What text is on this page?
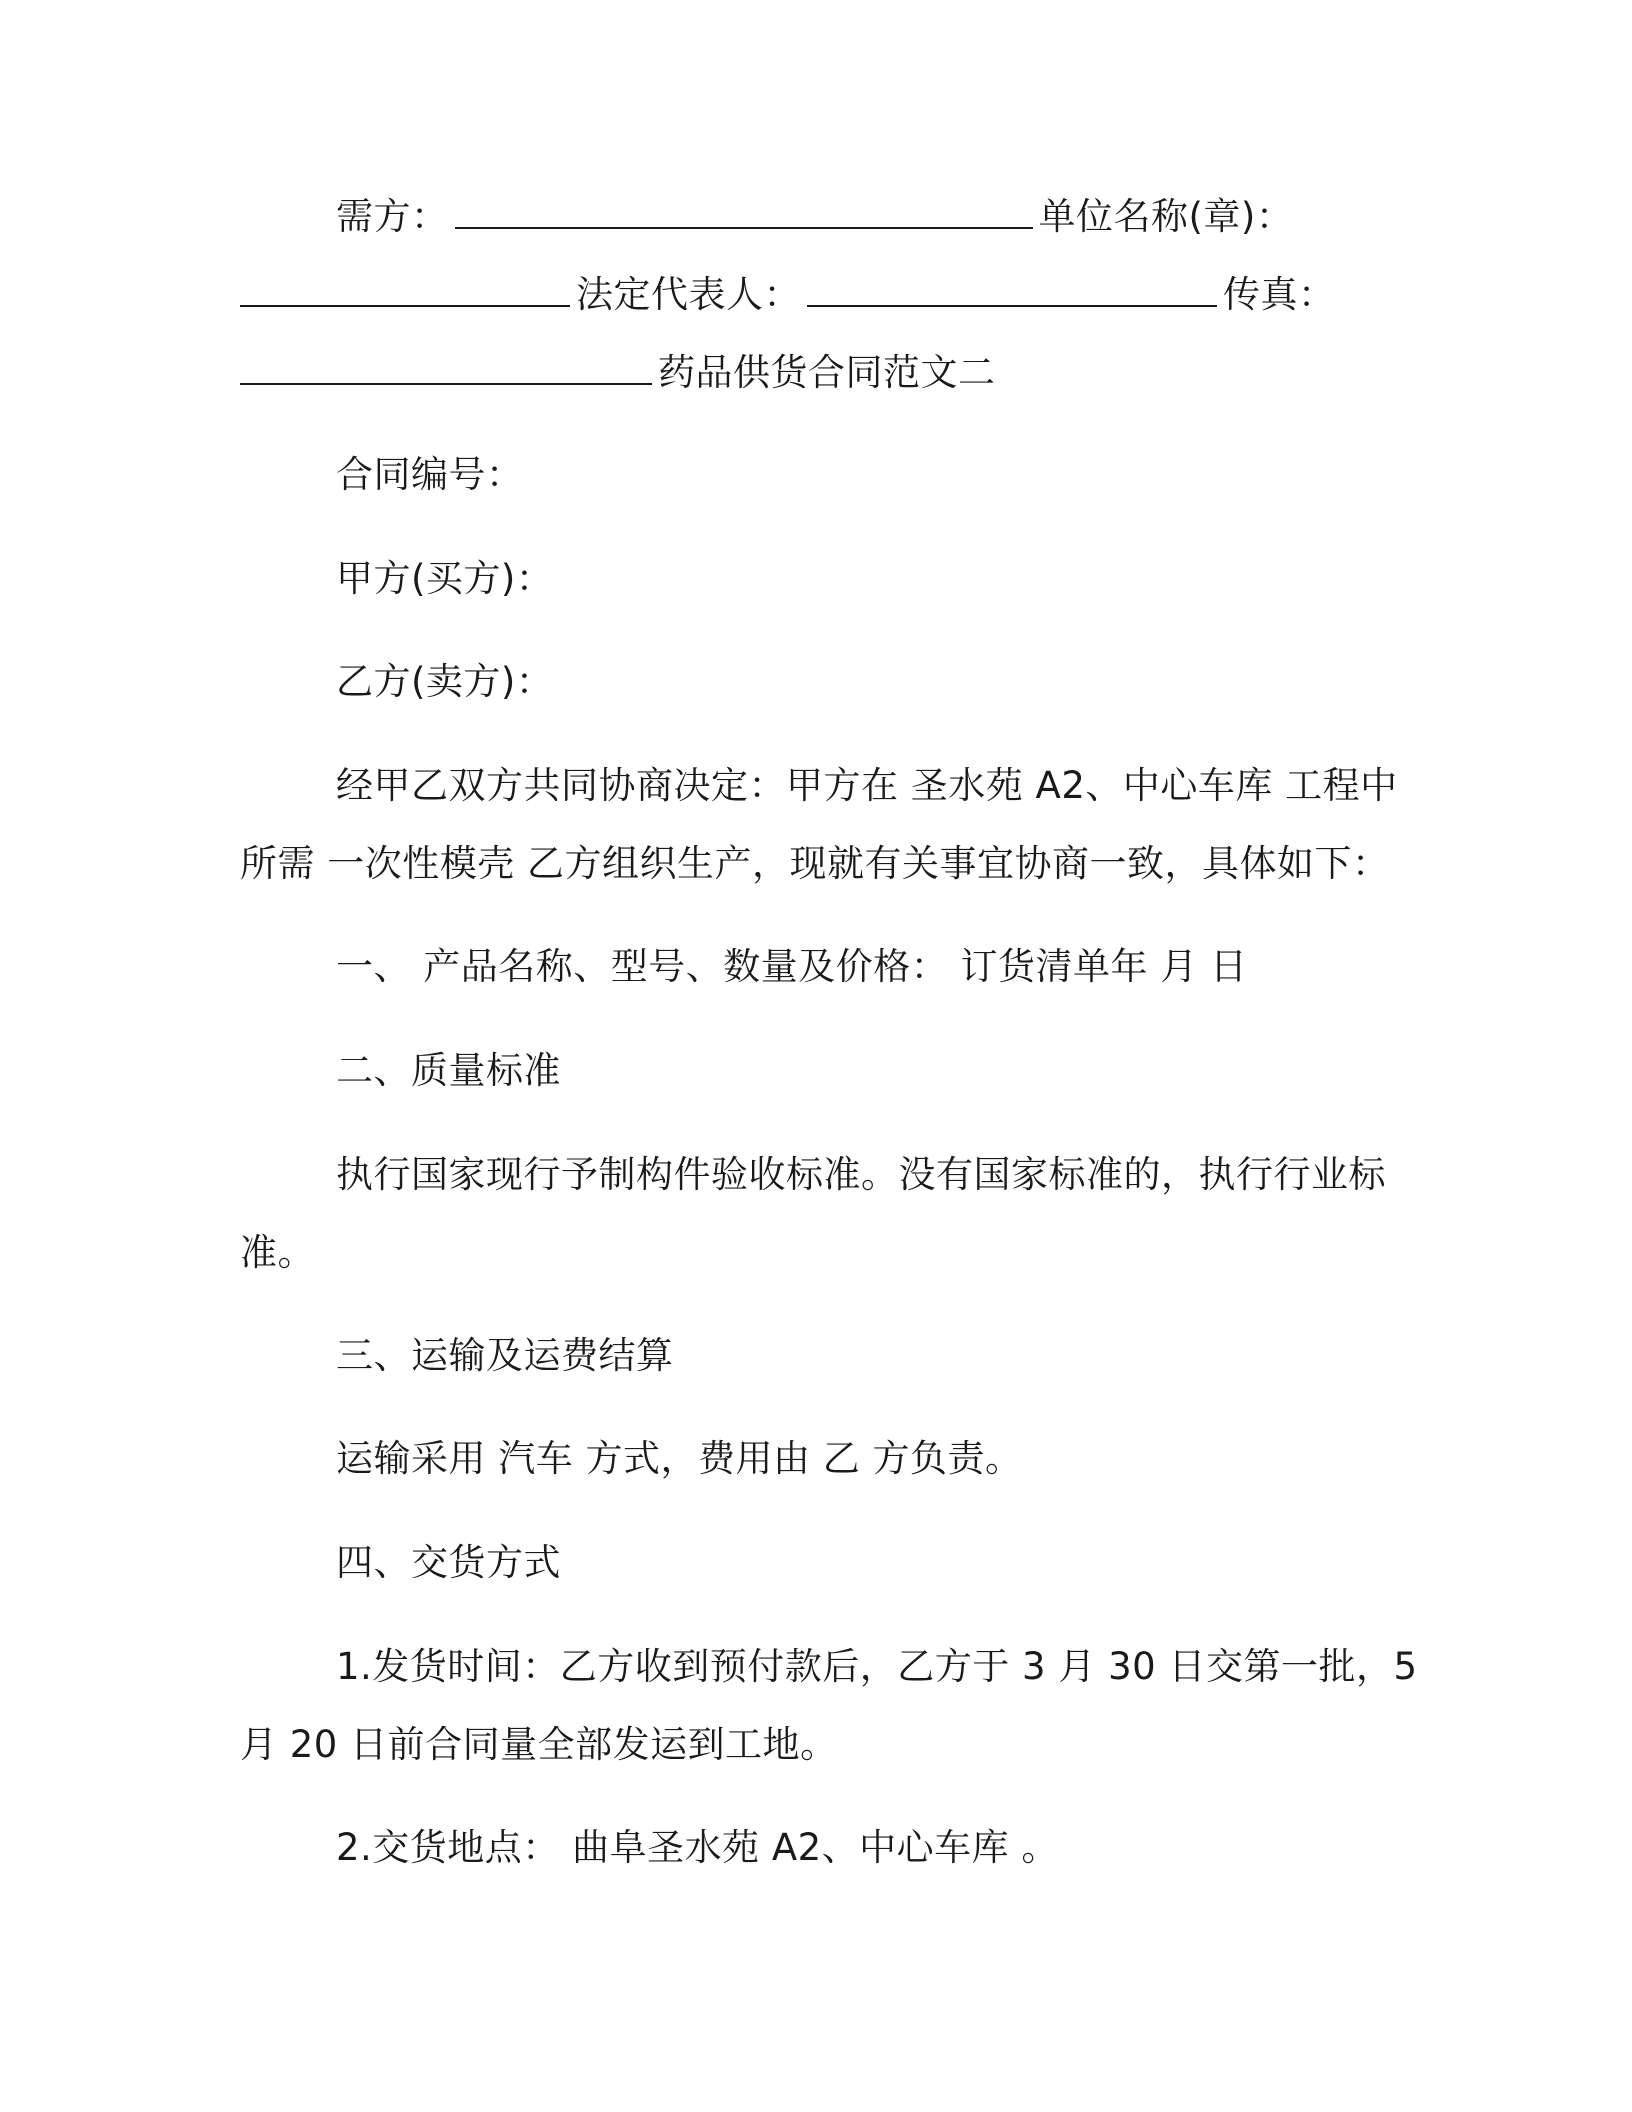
需方：	单位名称(章)：
法定代表人：	传真：
药品供货合同范文二
合同编号：
甲方(买方)：
乙方(卖方)：
经甲乙双方共同协商决定：甲方在 圣水苑 A2、中心车库 工程中
所需 一次性模壳 乙方组织生产，现就有关事宜协商一致，具体如下：
一、 产品名称、型号、数量及价格： 订货清单年 月 日
二、质量标准
执行国家现行予制构件验收标准。没有国家标准的，执行行业标
准。
三、运输及运费结算
运输采用 汽车 方式，费用由 乙 方负责。
四、交货方式
1.发货时间：乙方收到预付款后，乙方于 3 月 30 日交第一批，5
月 20 日前合同量全部发运到工地。
2.交货地点： 曲阜圣水苑 A2、中心车库 。
